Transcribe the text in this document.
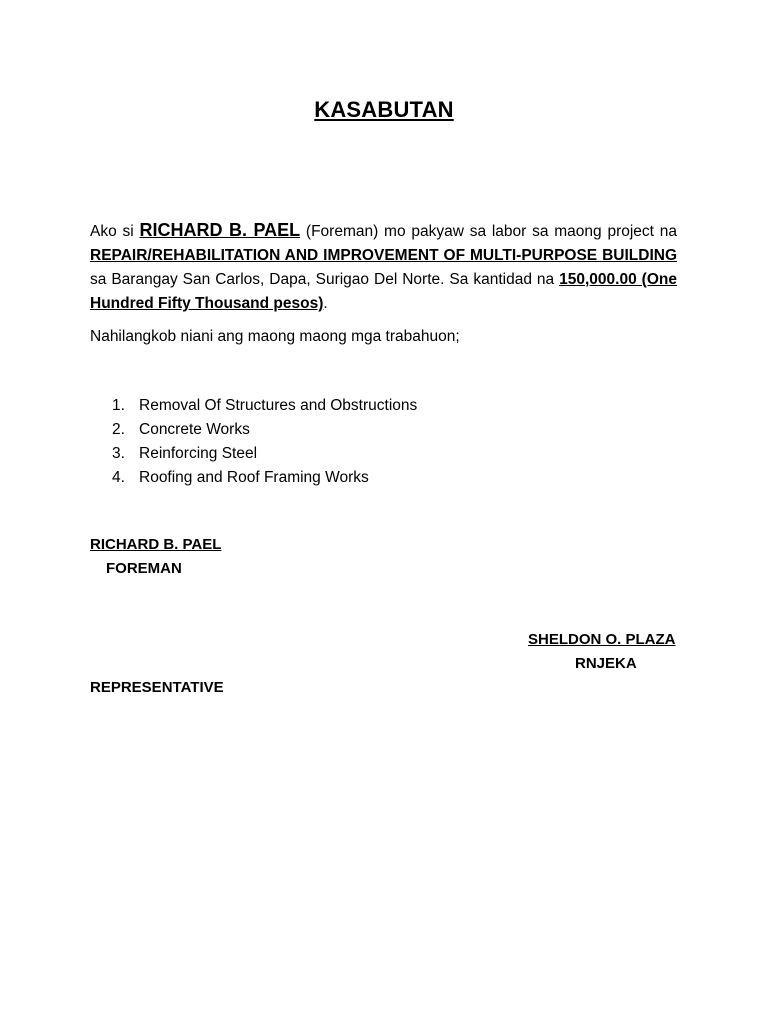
KASABUTAN
Ako si RICHARD B. PAEL (Foreman) mo pakyaw sa labor sa maong project na REPAIR/REHABILITATION AND IMPROVEMENT OF MULTI-PURPOSE BUILDING sa Barangay San Carlos, Dapa, Surigao Del Norte. Sa kantidad na 150,000.00 (One Hundred Fifty Thousand pesos).
Nahilangkob niani ang maong maong mga trabahuon;
1. Removal Of Structures and Obstructions
2. Concrete Works
3. Reinforcing Steel
4. Roofing and Roof Framing Works
RICHARD B. PAEL
FOREMAN
SHELDON O. PLAZA
RNJEKA
REPRESENTATIVE
